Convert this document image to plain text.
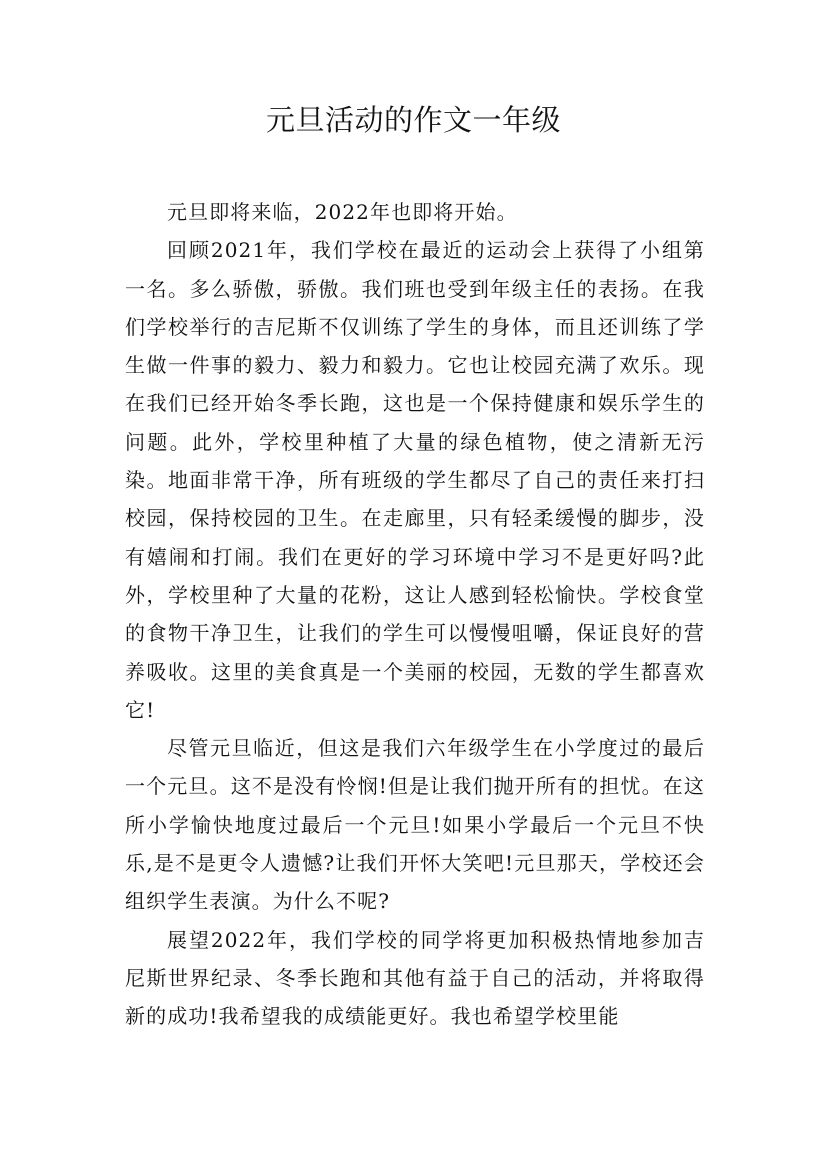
元旦活动的作文一年级

元旦即将来临，2022年也即将开始。

回顾2021年，我们学校在最近的运动会上获得了小组第一名。多么骄傲，骄傲。我们班也受到年级主任的表扬。在我们学校举行的吉尼斯不仅训练了学生的身体，而且还训练了学生做一件事的毅力、毅力和毅力。它也让校园充满了欢乐。现在我们已经开始冬季长跑，这也是一个保持健康和娱乐学生的问题。此外，学校里种植了大量的绿色植物，使之清新无污染。地面非常干净，所有班级的学生都尽了自己的责任来打扫校园，保持校园的卫生。在走廊里，只有轻柔缓慢的脚步，没有嬉闹和打闹。我们在更好的学习环境中学习不是更好吗?此外，学校里种了大量的花粉，这让人感到轻松愉快。学校食堂的食物干净卫生，让我们的学生可以慢慢咀嚼，保证良好的营养吸收。这里的美食真是一个美丽的校园，无数的学生都喜欢它!

尽管元旦临近，但这是我们六年级学生在小学度过的最后一个元旦。这不是没有怜悯!但是让我们抛开所有的担忧。在这所小学愉快地度过最后一个元旦!如果小学最后一个元旦不快乐,是不是更令人遗憾?让我们开怀大笑吧!元旦那天，学校还会组织学生表演。为什么不呢?

展望2022年，我们学校的同学将更加积极热情地参加吉尼斯世界纪录、冬季长跑和其他有益于自己的活动，并将取得新的成功!我希望我的成绩能更好。我也希望学校里能
